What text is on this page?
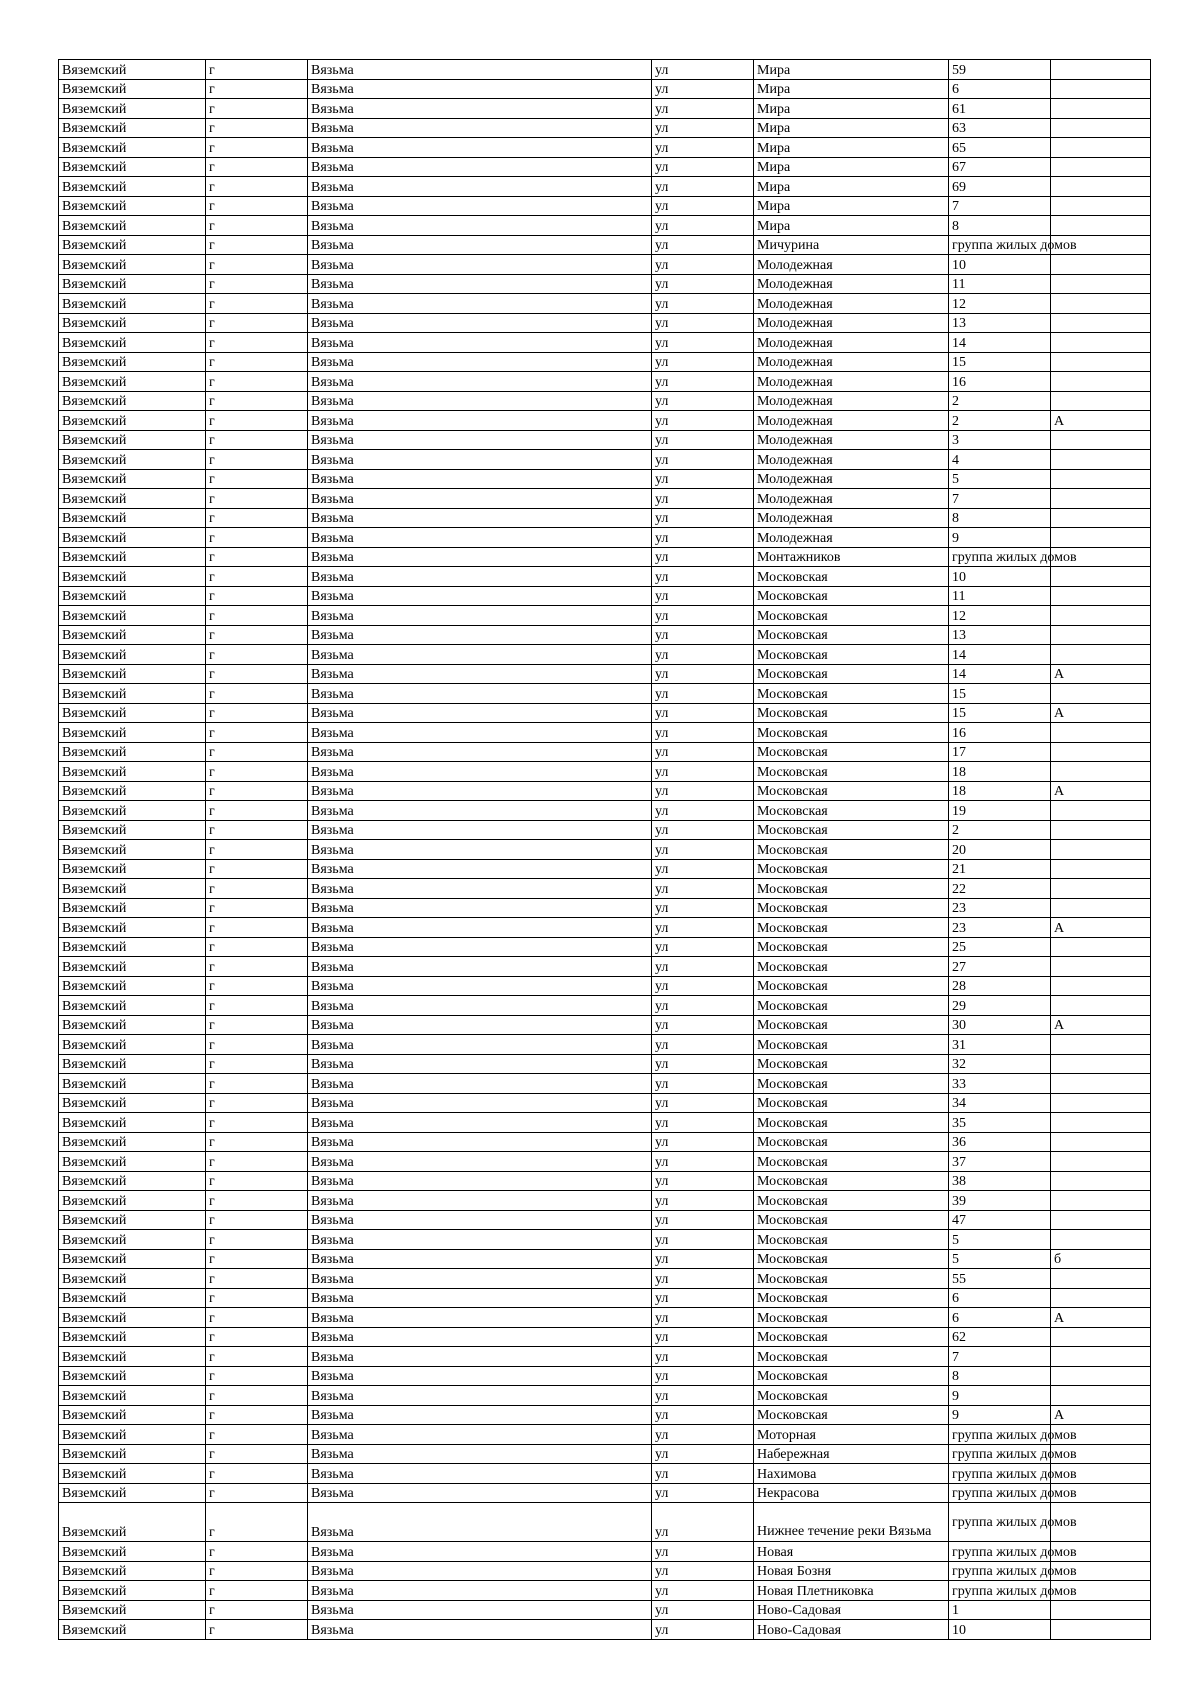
Вяземский	г	Вязьма	ул	Мира	59	
Вяземский	г	Вязьма	ул	Мира	6	
Вяземский	г	Вязьма	ул	Мира	61	
Вяземский	г	Вязьма	ул	Мира	63	
Вяземский	г	Вязьма	ул	Мира	65	
Вяземский	г	Вязьма	ул	Мира	67	
Вяземский	г	Вязьма	ул	Мира	69	
Вяземский	г	Вязьма	ул	Мира	7	
Вяземский	г	Вязьма	ул	Мира	8	
Вяземский	г	Вязьма	ул	Мичурина	группа жилых домов	
Вяземский	г	Вязьма	ул	Молодежная	10	
Вяземский	г	Вязьма	ул	Молодежная	11	
Вяземский	г	Вязьма	ул	Молодежная	12	
Вяземский	г	Вязьма	ул	Молодежная	13	
Вяземский	г	Вязьма	ул	Молодежная	14	
Вяземский	г	Вязьма	ул	Молодежная	15	
Вяземский	г	Вязьма	ул	Молодежная	16	
Вяземский	г	Вязьма	ул	Молодежная	2	
Вяземский	г	Вязьма	ул	Молодежная	2	А
Вяземский	г	Вязьма	ул	Молодежная	3	
Вяземский	г	Вязьма	ул	Молодежная	4	
Вяземский	г	Вязьма	ул	Молодежная	5	
Вяземский	г	Вязьма	ул	Молодежная	7	
Вяземский	г	Вязьма	ул	Молодежная	8	
Вяземский	г	Вязьма	ул	Молодежная	9	
Вяземский	г	Вязьма	ул	Монтажников	группа жилых домов	
Вяземский	г	Вязьма	ул	Московская	10	
Вяземский	г	Вязьма	ул	Московская	11	
Вяземский	г	Вязьма	ул	Московская	12	
Вяземский	г	Вязьма	ул	Московская	13	
Вяземский	г	Вязьма	ул	Московская	14	
Вяземский	г	Вязьма	ул	Московская	14	А
Вяземский	г	Вязьма	ул	Московская	15	
Вяземский	г	Вязьма	ул	Московская	15	А
Вяземский	г	Вязьма	ул	Московская	16	
Вяземский	г	Вязьма	ул	Московская	17	
Вяземский	г	Вязьма	ул	Московская	18	
Вяземский	г	Вязьма	ул	Московская	18	А
Вяземский	г	Вязьма	ул	Московская	19	
Вяземский	г	Вязьма	ул	Московская	2	
Вяземский	г	Вязьма	ул	Московская	20	
Вяземский	г	Вязьма	ул	Московская	21	
Вяземский	г	Вязьма	ул	Московская	22	
Вяземский	г	Вязьма	ул	Московская	23	
Вяземский	г	Вязьма	ул	Московская	23	А
Вяземский	г	Вязьма	ул	Московская	25	
Вяземский	г	Вязьма	ул	Московская	27	
Вяземский	г	Вязьма	ул	Московская	28	
Вяземский	г	Вязьма	ул	Московская	29	
Вяземский	г	Вязьма	ул	Московская	30	А
Вяземский	г	Вязьма	ул	Московская	31	
Вяземский	г	Вязьма	ул	Московская	32	
Вяземский	г	Вязьма	ул	Московская	33	
Вяземский	г	Вязьма	ул	Московская	34	
Вяземский	г	Вязьма	ул	Московская	35	
Вяземский	г	Вязьма	ул	Московская	36	
Вяземский	г	Вязьма	ул	Московская	37	
Вяземский	г	Вязьма	ул	Московская	38	
Вяземский	г	Вязьма	ул	Московская	39	
Вяземский	г	Вязьма	ул	Московская	47	
Вяземский	г	Вязьма	ул	Московская	5	
Вяземский	г	Вязьма	ул	Московская	5	б
Вяземский	г	Вязьма	ул	Московская	55	
Вяземский	г	Вязьма	ул	Московская	6	
Вяземский	г	Вязьма	ул	Московская	6	А
Вяземский	г	Вязьма	ул	Московская	62	
Вяземский	г	Вязьма	ул	Московская	7	
Вяземский	г	Вязьма	ул	Московская	8	
Вяземский	г	Вязьма	ул	Московская	9	
Вяземский	г	Вязьма	ул	Московская	9	А
Вяземский	г	Вязьма	ул	Моторная	группа жилых домов	
Вяземский	г	Вязьма	ул	Набережная	группа жилых домов	
Вяземский	г	Вязьма	ул	Нахимова	группа жилых домов	
Вяземский	г	Вязьма	ул	Некрасова	группа жилых домов	
Вяземский	г	Вязьма	ул	Нижнее течение реки Вязьма	группа жилых домов	
Вяземский	г	Вязьма	ул	Новая	группа жилых домов	
Вяземский	г	Вязьма	ул	Новая Бозня	группа жилых домов	
Вяземский	г	Вязьма	ул	Новая Плетниковка	группа жилых домов	
Вяземский	г	Вязьма	ул	Ново-Садовая	1	
Вяземский	г	Вязьма	ул	Ново-Садовая	10	
